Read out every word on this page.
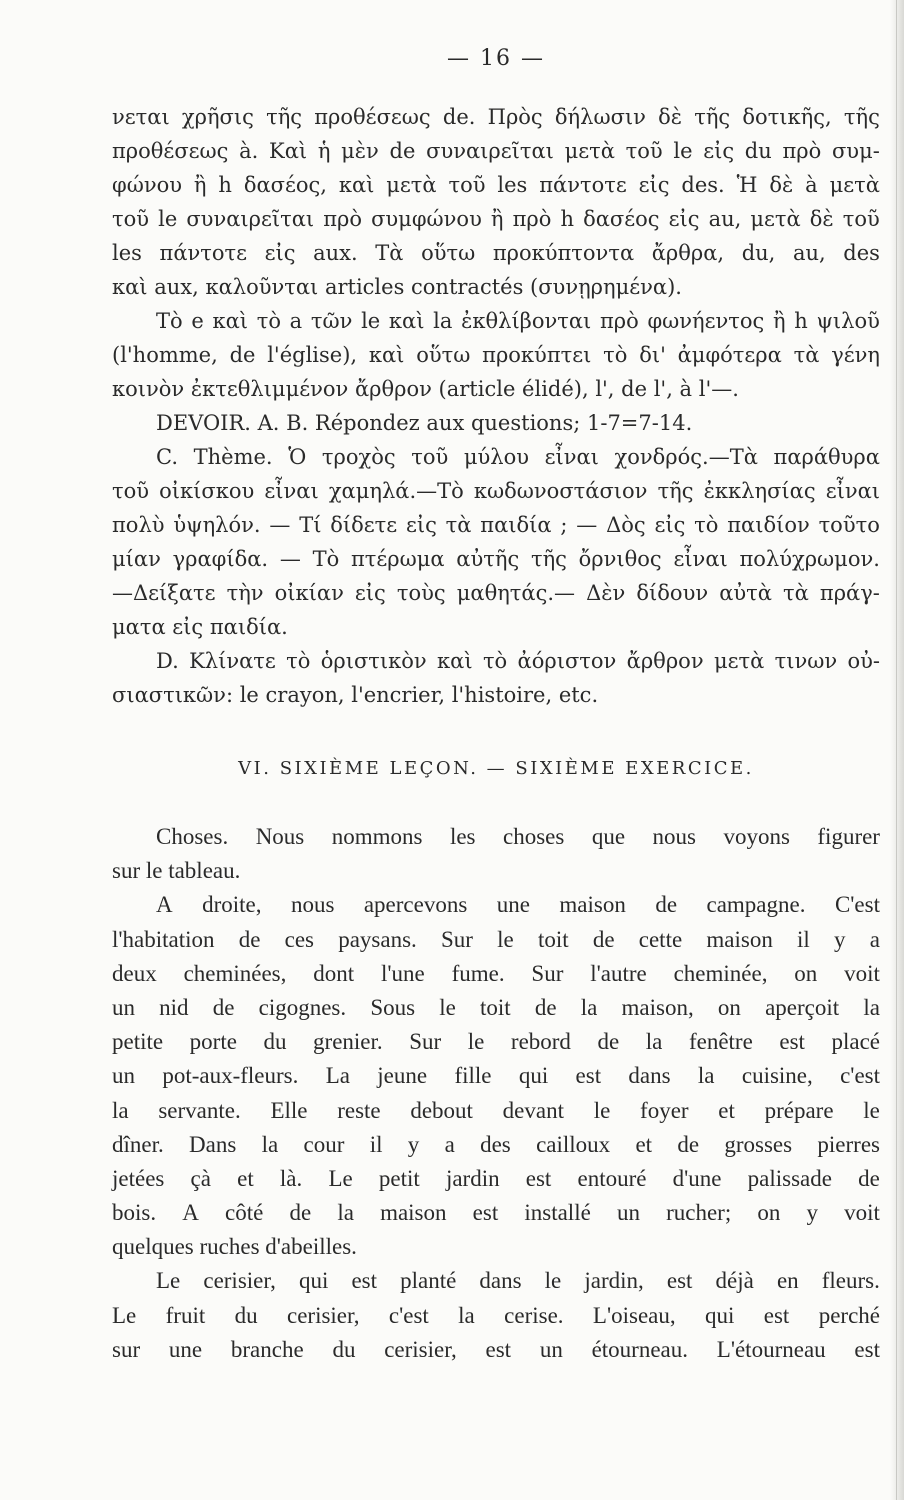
— 16 —
νεται χρῆσις τῆς προθέσεως de. Πρὸς δήλωσιν δὲ τῆς δοτικῆς, τῆς
προθέσεως à. Καὶ ἡ μὲν de συναιρεῖται μετὰ τοῦ le εἰς du πρὸ συμ-
φώνου ἢ h δασέος, καὶ μετὰ τοῦ les πάντοτε εἰς des. Ἡ δὲ à μετὰ
τοῦ le συναιρεῖται πρὸ συμφώνου ἢ πρὸ h δασέος εἰς au, μετὰ δὲ τοῦ
les πάντοτε εἰς aux. Τὰ οὕτω προκύπτοντα ἄρθρα, du, au, des
καὶ aux, καλοῦνται articles contractés (συνῃρημένα).
Τὸ e καὶ τὸ a τῶν le καὶ la ἐκθλίβονται πρὸ φωνήεντος ἢ h ψιλοῦ
(l'homme, de l'église), καὶ οὕτω προκύπτει τὸ δι' ἀμφότερα τὰ γένη
κοινὸν ἐκτεθλιμμένον ἄρθρον (article élidé), l', de l', à l'—.
DEVOIR. A. B. Répondez aux questions; 1-7=7-14.
C. Thème. Ὁ τροχὸς τοῦ μύλου εἶναι χονδρός.—Τὰ παράθυρα
τοῦ οἰκίσκου εἶναι χαμηλά.—Τὸ κωδωνοστάσιον τῆς ἐκκλησίας εἶναι
πολὺ ὑψηλόν. — Τί δίδετε εἰς τὰ παιδία ; — Δὸς εἰς τὸ παιδίον τοῦτο
μίαν γραφίδα. — Τὸ πτέρωμα αὐτῆς τῆς ὄρνιθος εἶναι πολύχρωμον.
—Δείξατε τὴν οἰκίαν εἰς τοὺς μαθητάς.— Δὲν δίδουν αὐτὰ τὰ πράγ-
ματα εἰς παιδία.
D. Κλίνατε τὸ ὁριστικὸν καὶ τὸ ἀόριστον ἄρθρον μετὰ τινων οὐ-
σιαστικῶν: le crayon, l'encrier, l'histoire, etc.
VI. SIXIÈME LEÇON. — SIXIÈME EXERCICE.
Choses. Nous nommons les choses que nous voyons figurer
sur le tableau.
A droite, nous apercevons une maison de campagne. C'est
l'habitation de ces paysans. Sur le toit de cette maison il y a
deux cheminées, dont l'une fume. Sur l'autre cheminée, on voit
un nid de cigognes. Sous le toit de la maison, on aperçoit la
petite porte du grenier. Sur le rebord de la fenêtre est placé
un pot-aux-fleurs. La jeune fille qui est dans la cuisine, c'est
la servante. Elle reste debout devant le foyer et prépare le
dîner. Dans la cour il y a des cailloux et de grosses pierres
jetées çà et là. Le petit jardin est entouré d'une palissade de
bois. A côté de la maison est installé un rucher; on y voit
quelques ruches d'abeilles.
Le cerisier, qui est planté dans le jardin, est déjà en fleurs.
Le fruit du cerisier, c'est la cerise. L'oiseau, qui est perché
sur une branche du cerisier, est un étourneau. L'étourneau est
